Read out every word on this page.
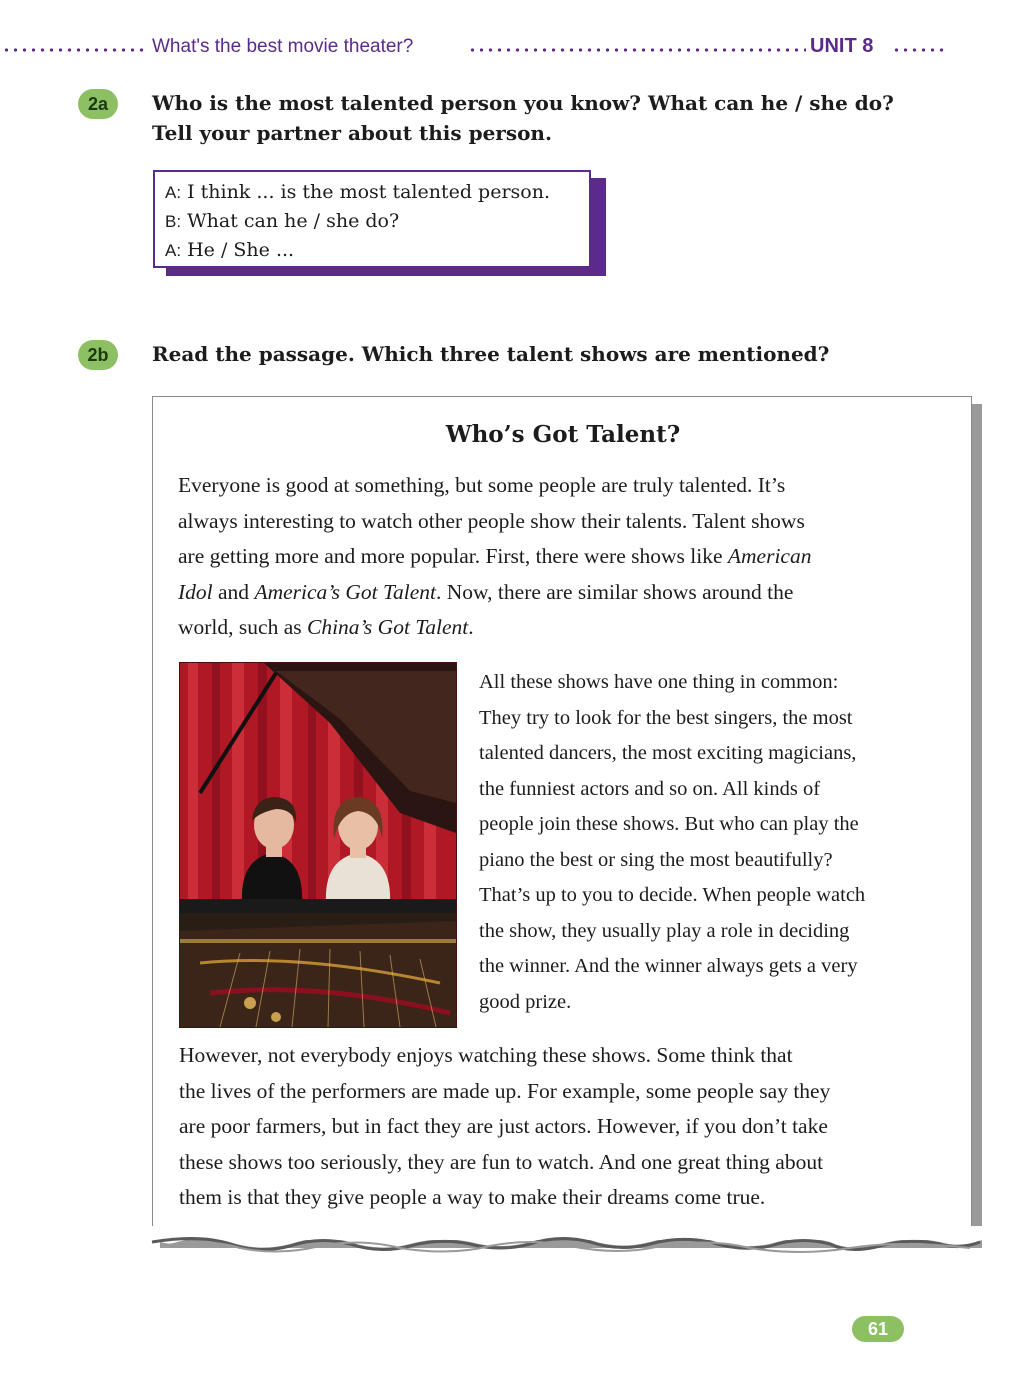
What's the best movie theater?	UNIT 8
2a	Who is the most talented person you know? What can he / she do?
Tell your partner about this person.
A: I think ... is the most talented person.
B: What can he / she do?
A: He / She ...
2b	Read the passage. Which three talent shows are mentioned?
Who’s Got Talent?
Everyone is good at something, but some people are truly talented. It’s
always interesting to watch other people show their talents. Talent shows
are getting more and more popular. First, there were shows like American
Idol and America’s Got Talent. Now, there are similar shows around the
world, such as China’s Got Talent.
All these shows have one thing in common:
They try to look for the best singers, the most
talented dancers, the most exciting magicians,
the funniest actors and so on. All kinds of
people join these shows. But who can play the
piano the best or sing the most beautifully?
That’s up to you to decide. When people watch
the show, they usually play a role in deciding
the winner. And the winner always gets a very
good prize.
However, not everybody enjoys watching these shows. Some think that
the lives of the performers are made up. For example, some people say they
are poor farmers, but in fact they are just actors. However, if you don’t take
these shows too seriously, they are fun to watch. And one great thing about
them is that they give people a way to make their dreams come true.
61
